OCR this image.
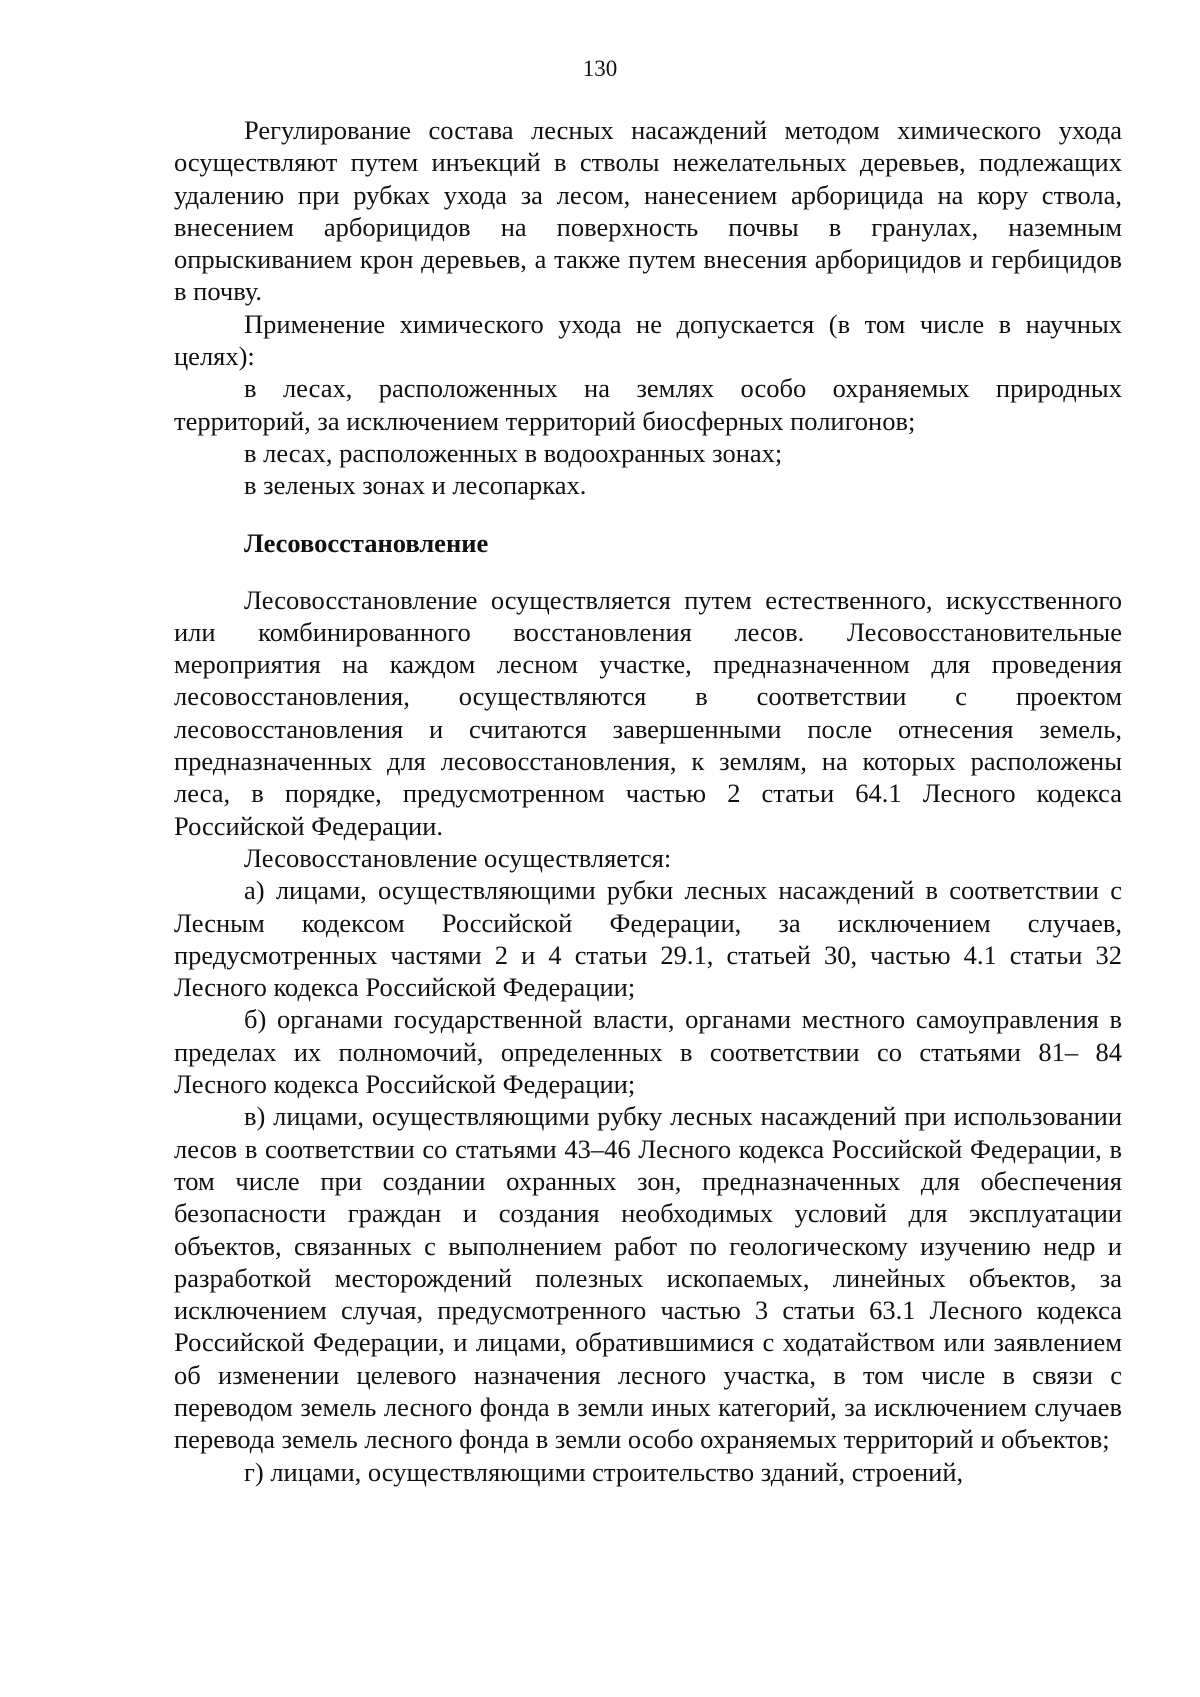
130

Регулирование состава лесных насаждений методом химического ухода осуществляют путем инъекций в стволы нежелательных деревьев, подлежащих удалению при рубках ухода за лесом, нанесением арборицида на кору ствола, внесением арборицидов на поверхность почвы в гранулах, наземным опрыскиванием крон деревьев, а также путем внесения арборицидов и гербицидов в почву.

Применение химического ухода не допускается (в том числе в научных целях):

в лесах, расположенных на землях особо охраняемых природных территорий, за исключением территорий биосферных полигонов;

в лесах, расположенных в водоохранных зонах;

в зеленых зонах и лесопарках.

Лесовосстановление

Лесовосстановление осуществляется путем естественного, искусственного или комбинированного восстановления лесов. Лесовосстановительные мероприятия на каждом лесном участке, предназначенном для проведения лесовосстановления, осуществляются в соответствии с проектом лесовосстановления и считаются завершенными после отнесения земель, предназначенных для лесовосстановления, к землям, на которых расположены леса, в порядке, предусмотренном частью 2 статьи 64.1 Лесного кодекса Российской Федерации.

Лесовосстановление осуществляется:

а) лицами, осуществляющими рубки лесных насаждений в соответствии с Лесным кодексом Российской Федерации, за исключением случаев, предусмотренных частями 2 и 4 статьи 29.1, статьей 30, частью 4.1 статьи 32 Лесного кодекса Российской Федерации;

б) органами государственной власти, органами местного самоуправления в пределах их полномочий, определенных в соответствии со статьями 81– 84 Лесного кодекса Российской Федерации;

в) лицами, осуществляющими рубку лесных насаждений при использовании лесов в соответствии со статьями 43–46 Лесного кодекса Российской Федерации, в том числе при создании охранных зон, предназначенных для обеспечения безопасности граждан и создания необходимых условий для эксплуатации объектов, связанных с выполнением работ по геологическому изучению недр и разработкой месторождений полезных ископаемых, линейных объектов, за исключением случая, предусмотренного частью 3 статьи 63.1 Лесного кодекса Российской Федерации, и лицами, обратившимися с ходатайством или заявлением об изменении целевого назначения лесного участка, в том числе в связи с переводом земель лесного фонда в земли иных категорий, за исключением случаев перевода земель лесного фонда в земли особо охраняемых территорий и объектов;

г) лицами, осуществляющими строительство зданий, строений,
